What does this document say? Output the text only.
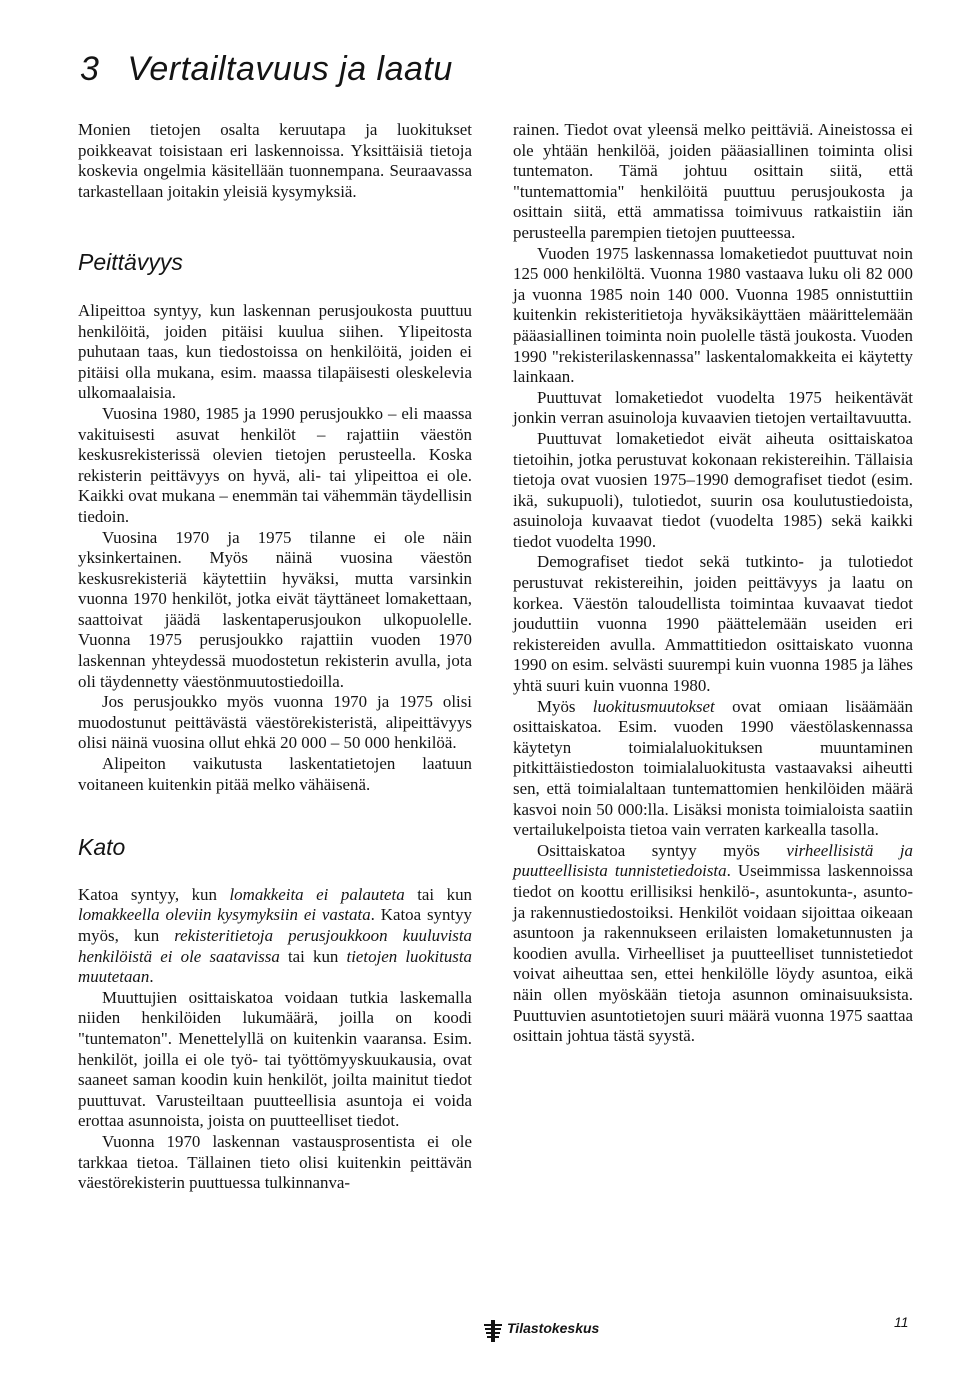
3 Vertailtavuus ja laatu

Monien tietojen osalta keruutapa ja luokitukset poikkeavat toisistaan eri laskennoissa. Yksittäisiä tietoja koskevia ongelmia käsitellään tuonnempana. Seuraavassa tarkastellaan joitakin yleisiä kysymyksiä.

Peittävyys

Alipeittoa syntyy, kun laskennan perusjoukosta puuttuu henkilöitä, joiden pitäisi kuulua siihen. Ylipeitosta puhutaan taas, kun tiedostoissa on henkilöitä, joiden ei pitäisi olla mukana, esim. maassa tilapäisesti oleskelevia ulkomaalaisia.

Vuosina 1980, 1985 ja 1990 perusjoukko – eli maassa vakituisesti asuvat henkilöt – rajattiin väestön keskusrekisterissä olevien tietojen perusteella. Koska rekisterin peittävyys on hyvä, ali- tai ylipeittoa ei ole. Kaikki ovat mukana – enemmän tai vähemmän täydellisin tiedoin.

Vuosina 1970 ja 1975 tilanne ei ole näin yksinkertainen. Myös näinä vuosina väestön keskusrekisteriä käytettiin hyväksi, mutta varsinkin vuonna 1970 henkilöt, jotka eivät täyttäneet lomakettaan, saattoivat jäädä laskentaperusjoukon ulkopuolelle. Vuonna 1975 perusjoukko rajattiin vuoden 1970 laskennan yhteydessä muodostetun rekisterin avulla, jota oli täydennetty väestönmuutostiedoilla.

Jos perusjoukko myös vuonna 1970 ja 1975 olisi muodostunut peittävästä väestörekisteristä, alipeittävyys olisi näinä vuosina ollut ehkä 20 000 – 50 000 henkilöä.

Alipeiton vaikutusta laskentatietojen laatuun voitaneen kuitenkin pitää melko vähäisenä.

Kato

Katoa syntyy, kun lomakkeita ei palauteta tai kun lomakkeella oleviin kysymyksiin ei vastata. Katoa syntyy myös, kun rekisteritietoja perusjoukkoon kuuluvista henkilöistä ei ole saatavissa tai kun tietojen luokitusta muutetaan.

Muuttujien osittaiskatoa voidaan tutkia laskemalla niiden henkilöiden lukumäärä, joilla on koodi "tuntematon". Menettelyllä on kuitenkin vaaransa. Esim. henkilöt, joilla ei ole työ- tai työttömyyskuukausia, ovat saaneet saman koodin kuin henkilöt, joilta mainitut tiedot puuttuvat. Varusteiltaan puutteellisia asuntoja ei voida erottaa asunnoista, joista on puutteelliset tiedot.

Vuonna 1970 laskennan vastausprosentista ei ole tarkkaa tietoa. Tällainen tieto olisi kuitenkin peittävän väestörekisterin puuttuessa tulkinnanva-

rainen. Tiedot ovat yleensä melko peittäviä. Aineistossa ei ole yhtään henkilöä, joiden pääasiallinen toiminta olisi tuntematon. Tämä johtuu osittain siitä, että "tuntemattomia" henkilöitä puuttuu perusjoukosta ja osittain siitä, että ammatissa toimivuus ratkaistiin iän perusteella parempien tietojen puutteessa.

Vuoden 1975 laskennassa lomaketiedot puuttuvat noin 125 000 henkilöltä. Vuonna 1980 vastaava luku oli 82 000 ja vuonna 1985 noin 140 000. Vuonna 1985 onnistuttiin kuitenkin rekisteritietoja hyväksikäyttäen määrittelemään pääasiallinen toiminta noin puolelle tästä joukosta. Vuoden 1990 "rekisterilaskennassa" laskentalomakkeita ei käytetty lainkaan.

Puuttuvat lomaketiedot vuodelta 1975 heikentävät jonkin verran asuinoloja kuvaavien tietojen vertailtavuutta.

Puuttuvat lomaketiedot eivät aiheuta osittaiskatoa tietoihin, jotka perustuvat kokonaan rekistereihin. Tällaisia tietoja ovat vuosien 1975–1990 demografiset tiedot (esim. ikä, sukupuoli), tulotiedot, suurin osa koulutustiedoista, asuinoloja kuvaavat tiedot (vuodelta 1985) sekä kaikki tiedot vuodelta 1990.

Demografiset tiedot sekä tutkinto- ja tulotiedot perustuvat rekistereihin, joiden peittävyys ja laatu on korkea. Väestön taloudellista toimintaa kuvaavat tiedot jouduttiin vuonna 1990 päättelemään useiden eri rekistereiden avulla. Ammattitiedon osittaiskato vuonna 1990 on esim. selvästi suurempi kuin vuonna 1985 ja lähes yhtä suuri kuin vuonna 1980.

Myös luokitusmuutokset ovat omiaan lisäämään osittaiskatoa. Esim. vuoden 1990 väestölaskennassa käytetyn toimialaluokituksen muuntaminen pitkittäistiedoston toimialaluokitusta vastaavaksi aiheutti sen, että toimialaltaan tuntemattomien henkilöiden määrä kasvoi noin 50 000:lla. Lisäksi monista toimialoista saatiin vertailukelpoista tietoa vain verraten karkealla tasolla.

Osittaiskatoa syntyy myös virheellisistä ja puutteellisista tunnistetiedoista. Useimmissa laskennoissa tiedot on koottu erillisiksi henkilö-, asuntokunta-, asunto- ja rakennustiedostoiksi. Henkilöt voidaan sijoittaa oikeaan asuntoon ja rakennukseen erilaisten lomaketunnusten ja koodien avulla. Virheelliset ja puutteelliset tunnistetiedot voivat aiheuttaa sen, ettei henkilölle löydy asuntoa, eikä näin ollen myöskään tietoja asunnon ominaisuuksista. Puuttuvien asuntotietojen suuri määrä vuonna 1975 saattaa osittain johtua tästä syystä.

Tilastokeskus	11
